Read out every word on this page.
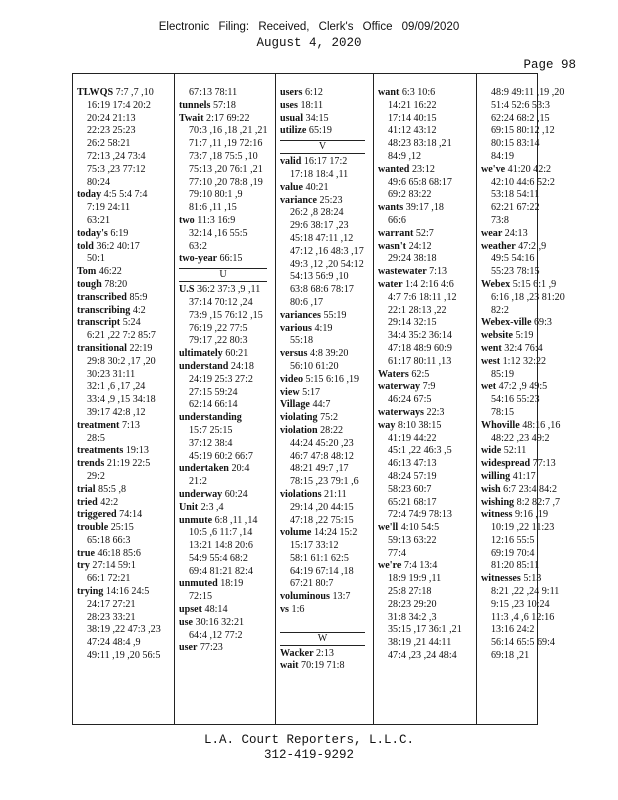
Electronic Filing: Received, Clerk's Office 09/09/2020
August 4, 2020
Page 98
TLWQS 7:7 ,7 ,10
16:19 17:4 20:2
20:24 21:13
22:23 25:23
26:2 58:21
72:13 ,24 73:4
75:3 ,23 77:12
80:24
today 4:5 5:4 7:4
7:19 24:11
63:21
today's 6:19
told 36:2 40:17
50:1
Tom 46:22
tough 78:20
transcribed 85:9
transcribing 4:2
transcript 5:24
6:21 ,22 7:2 85:7
transitional 22:19
29:8 30:2 ,17 ,20
30:23 31:11
32:1 ,6 ,17 ,24
33:4 ,9 ,15 34:18
39:17 42:8 ,12
treatment 7:13
28:5
treatments 19:13
trends 21:19 22:5
29:2
trial 85:5 ,8
tried 42:2
triggered 74:14
trouble 25:15
65:18 66:3
true 46:18 85:6
try 27:14 59:1
66:1 72:21
trying 14:16 24:5
24:17 27:21
28:23 33:21
38:19 ,22 47:3 ,23
47:24 48:4 ,9
49:11 ,19 ,20 56:5
67:13 78:11
tunnels 57:18
Twait 2:17 69:22
70:3 ,16 ,18 ,21 ,21
71:7 ,11 ,19 72:16
73:7 ,18 75:5 ,10
75:13 ,20 76:1 ,21
77:10 ,20 78:8 ,19
79:10 80:1 ,9
81:6 ,11 ,15
two 11:3 16:9
32:14 ,16 55:5
63:2
two-year 66:15
U
U.S 36:2 37:3 ,9 ,11
37:14 70:12 ,24
73:9 ,15 76:12 ,15
76:19 ,22 77:5
79:17 ,22 80:3
ultimately 60:21
understand 24:18
24:19 25:3 27:2
27:15 59:24
62:14 66:14
understanding
15:7 25:15
37:12 38:4
45:19 60:2 66:7
undertaken 20:4
21:2
underway 60:24
Unit 2:3 ,4
unmute 6:8 ,11 ,14
10:5 ,6 11:7 ,14
13:21 14:8 20:6
54:9 55:4 68:2
69:4 81:21 82:4
unmuted 18:19
72:15
upset 48:14
use 30:16 32:21
64:4 ,12 77:2
user 77:23
users 6:12
uses 18:11
usual 34:15
utilize 65:19
V
valid 16:17 17:2
17:18 18:4 ,11
value 40:21
variance 25:23
26:2 ,8 28:24
29:6 38:17 ,23
45:18 47:11 ,12
47:12 ,16 48:3 ,17
49:3 ,12 ,20 54:12
54:13 56:9 ,10
63:8 68:6 78:17
80:6 ,17
variances 55:19
various 4:19
55:18
versus 4:8 39:20
56:10 61:20
video 5:15 6:16 ,19
view 5:17
Village 44:7
violating 75:2
violation 28:22
44:24 45:20 ,23
46:7 47:8 48:12
48:21 49:7 ,17
78:15 ,23 79:1 ,6
violations 21:11
29:14 ,20 44:15
47:18 ,22 75:15
volume 14:24 15:2
15:17 33:12
58:1 61:1 62:5
64:19 67:14 ,18
67:21 80:7
voluminous 13:7
vs 1:6
W
Wacker 2:13
wait 70:19 71:8
want 6:3 10:6
14:21 16:22
17:14 40:15
41:12 43:12
48:23 83:18 ,21
84:9 ,12
wanted 23:12
49:6 65:8 68:17
69:2 83:22
wants 39:17 ,18
66:6
warrant 52:7
wasn't 24:12
29:24 38:18
wastewater 7:13
water 1:4 2:16 4:6
4:7 7:6 18:11 ,12
22:1 28:13 ,22
29:14 32:15
34:4 35:2 36:14
47:18 48:9 60:9
61:17 80:11 ,13
Waters 62:5
waterway 7:9
46:24 67:5
waterways 22:3
way 8:10 38:15
41:19 44:22
45:1 ,22 46:3 ,5
46:13 47:13
48:24 57:19
58:23 60:7
65:21 68:17
72:4 74:9 78:13
we'll 4:10 54:5
59:13 63:22
77:4
we're 7:4 13:4
18:9 19:9 ,11
25:8 27:18
28:23 29:20
31:8 34:2 ,3
35:15 ,17 36:1 ,21
38:19 ,21 44:11
47:4 ,23 ,24 48:4
48:9 49:11 ,19 ,20
51:4 52:6 53:3
62:24 68:2 ,15
69:15 80:12 ,12
80:15 83:14
84:19
we've 41:20 42:2
42:10 44:6 52:2
53:18 54:11
62:21 67:22
73:8
wear 24:13
weather 47:2 ,9
49:5 54:16
55:23 78:15
Webex 5:15 6:1 ,9
6:16 ,18 ,23 81:20
82:2
Webex-ville 69:3
website 5:19
went 32:4 76:4
west 1:12 32:22
85:19
wet 47:2 ,9 49:5
54:16 55:23
78:15
Whoville 48:16 ,16
48:22 ,23 49:2
wide 52:11
widespread 77:13
willing 41:17
wish 6:7 23:4 84:2
wishing 8:2 82:7 ,7
witness 9:16 ,19
10:19 ,22 11:23
12:16 55:5
69:19 70:4
81:20 85:11
witnesses 5:13
8:21 ,22 ,24 9:11
9:15 ,23 10:24
11:3 ,4 ,6 12:16
13:16 24:2
56:14 65:5 69:4
69:18 ,21
L.A. Court Reporters, L.L.C.
312-419-9292
